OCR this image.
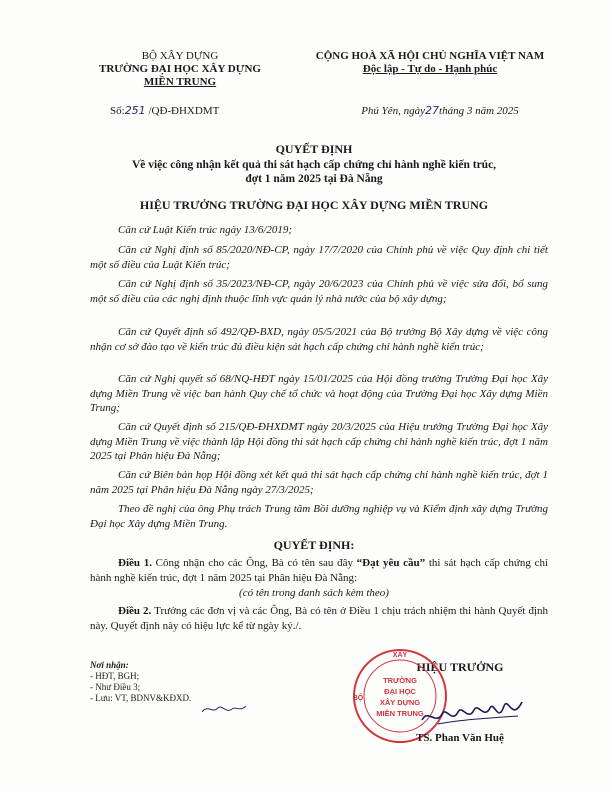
BỘ XÂY DỰNG
TRƯỜNG ĐẠI HỌC XÂY DỰNG
MIỀN TRUNG
Số:251 /QĐ-ĐHXDMT
CỘNG HOÀ XÃ HỘI CHỦ NGHĨA VIỆT NAM
Độc lập - Tự do - Hạnh phúc
Phú Yên, ngày27tháng 3 năm 2025
QUYẾT ĐỊNH
Về việc công nhận kết quả thi sát hạch cấp chứng chỉ hành nghề kiến trúc,
đợt 1 năm 2025 tại Đà Nẵng
HIỆU TRƯỞNG TRƯỜNG ĐẠI HỌC XÂY DỰNG MIỀN TRUNG
Căn cứ Luật Kiến trúc ngày 13/6/2019;
Căn cứ Nghị định số 85/2020/NĐ-CP, ngày 17/7/2020 của Chính phủ về việc Quy định chi tiết một số điều của Luật Kiến trúc;
Căn cứ Nghị định số 35/2023/NĐ-CP, ngày 20/6/2023 của Chính phủ về việc sửa đổi, bổ sung một số điều của các nghị định thuộc lĩnh vực quản lý nhà nước của bộ xây dựng;
Căn cứ Quyết định số 492/QĐ-BXD, ngày 05/5/2021 của Bộ trưởng Bộ Xây dựng về việc công nhận cơ sở đào tạo về kiến trúc đủ điều kiện sát hạch cấp chứng chỉ hành nghề kiến trúc;
Căn cứ Nghị quyết số 68/NQ-HĐT ngày 15/01/2025 của Hội đồng trường Trường Đại học Xây dựng Miền Trung về việc ban hành Quy chế tổ chức và hoạt động của Trường Đại học Xây dựng Miền Trung;
Căn cứ Quyết định số 215/QĐ-ĐHXDMT ngày 20/3/2025 của Hiệu trưởng Trường Đại học Xây dựng Miền Trung về việc thành lập Hội đồng thi sát hạch cấp chứng chỉ hành nghề kiến trúc, đợt 1 năm 2025 tại Phân hiệu Đà Nẵng;
Căn cứ Biên bản họp Hội đồng xét kết quả thi sát hạch cấp chứng chỉ hành nghề kiến trúc, đợt 1 năm 2025 tại Phân hiệu Đà Nẵng ngày 27/3/2025;
Theo đề nghị của ông Phụ trách Trung tâm Bồi dưỡng nghiệp vụ và Kiểm định xây dựng Trường Đại học Xây dựng Miền Trung.
QUYẾT ĐỊNH:
Điều 1. Công nhận cho các Ông, Bà có tên sau đây “Đạt yêu cầu” thi sát hạch cấp chứng chỉ hành nghề kiến trúc, đợt 1 năm 2025 tại Phân hiệu Đà Nẵng:
(có tên trong danh sách kèm theo)
Điều 2. Trưởng các đơn vị và các Ông, Bà có tên ở Điều 1 chịu trách nhiệm thi hành Quyết định này. Quyết định này có hiệu lực kể từ ngày ký./.
Nơi nhận:
- HĐT, BGH;
- Như Điều 3;
- Lưu: VT, BDNV&KĐXD.
HIỆU TRƯỞNG
XÂY
BỘ
TRƯỜNG
ĐẠI HỌC
XÂY DỰNG
MIỀN TRUNG
TS. Phan Văn Huệ
